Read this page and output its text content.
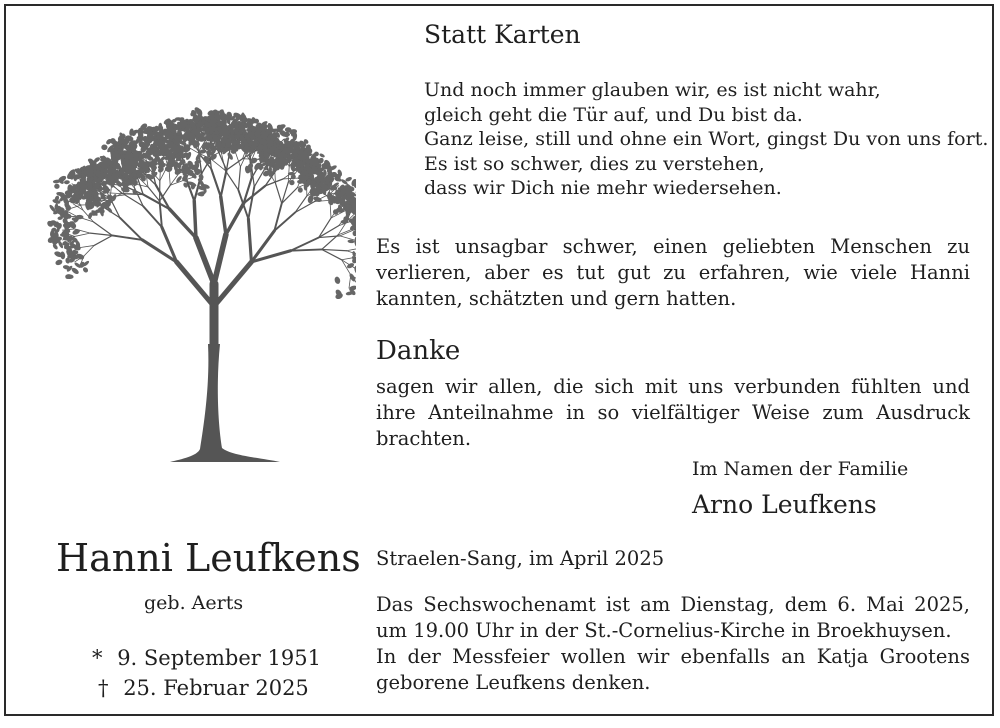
Statt Karten
Und noch immer glauben wir, es ist nicht wahr,
gleich geht die Tür auf, und Du bist da.
Ganz leise, still und ohne ein Wort, gingst Du von uns fort.
Es ist so schwer, dies zu verstehen,
dass wir Dich nie mehr wiedersehen.
Es ist unsagbar schwer, einen geliebten Menschen zu verlieren, aber es tut gut zu erfahren, wie viele Hanni kannten, schätzten und gern hatten.
Danke
sagen wir allen, die sich mit uns verbunden fühlten und ihre Anteilnahme in so vielfältiger Weise zum Ausdruck brachten.
Im Namen der Familie
Arno Leufkens
Straelen-Sang, im April 2025
Das Sechswochenamt ist am Dienstag, dem 6. Mai 2025, um 19.00 Uhr in der St.-Cornelius-Kirche in Broekhuysen.
In der Messfeier wollen wir ebenfalls an Katja Grootens geborene Leufkens denken.
Hanni Leufkens
geb. Aerts
* 9. September 1951
† 25. Februar 2025
